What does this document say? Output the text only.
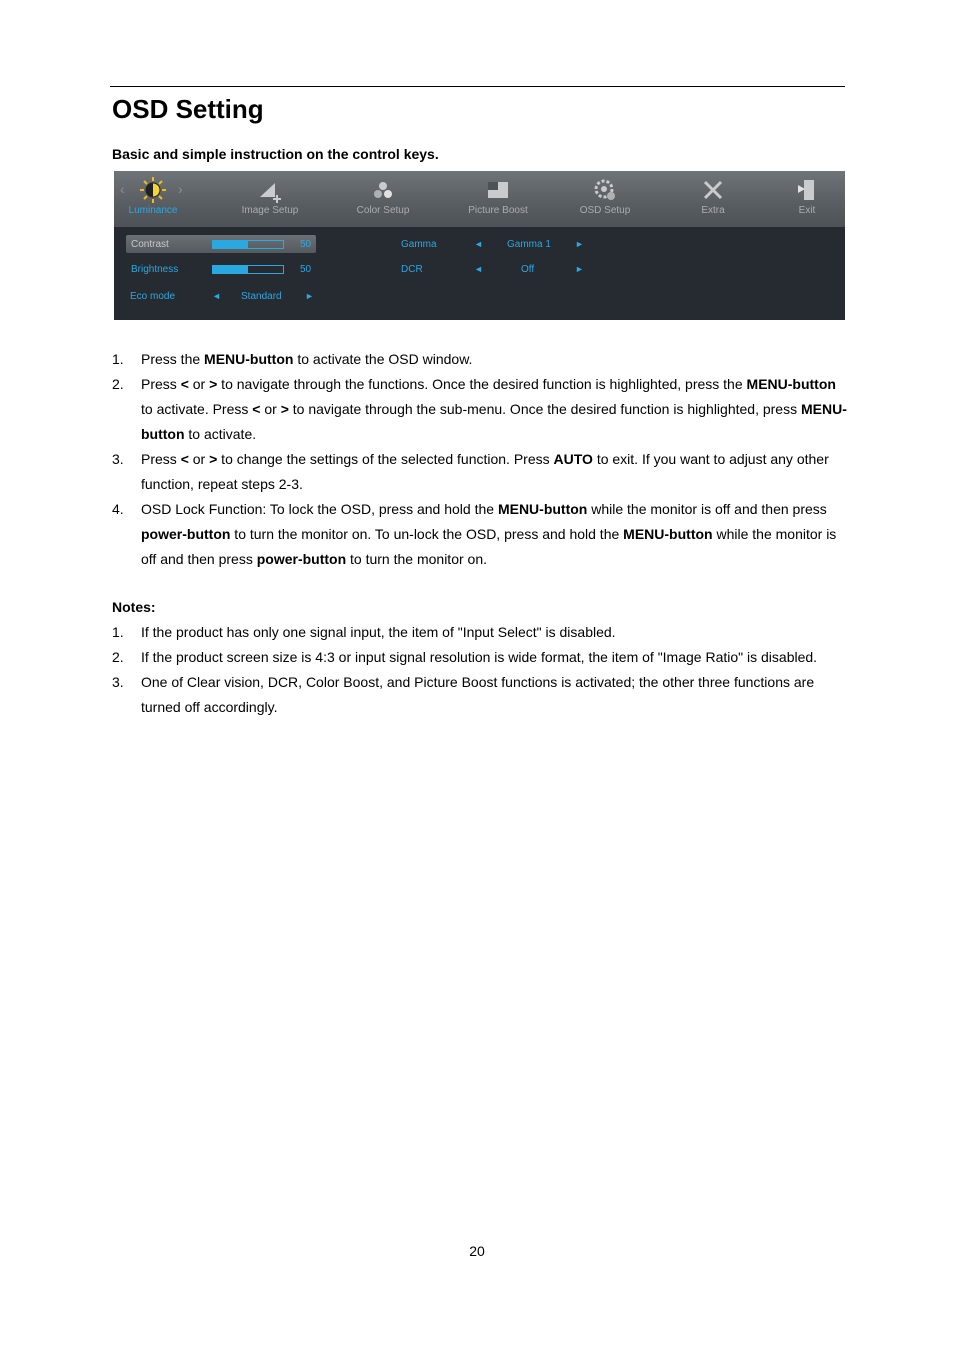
OSD Setting
Basic and simple instruction on the control keys.
‹	›
Luminance	Image Setup	Color Setup	Picture Boost	OSD Setup	Extra	Exit
Contrast	50
Brightness	50
Eco mode	◄ Standard	►
Gamma	◄ Gamma 1	►
DCR	◄	Off	►
1.	Press the MENU-button to activate the OSD window.
2.	Press < or > to navigate through the functions. Once the desired function is highlighted, press the MENU-button to activate. Press < or > to navigate through the sub-menu. Once the desired function is highlighted, press MENU-button to activate.
3.	Press < or > to change the settings of the selected function. Press AUTO to exit. If you want to adjust any other function, repeat steps 2-3.
4.	OSD Lock Function: To lock the OSD, press and hold the MENU-button while the monitor is off and then press power-button to turn the monitor on. To un-lock the OSD, press and hold the MENU-button while the monitor is off and then press power-button to turn the monitor on.
Notes:
1.	If the product has only one signal input, the item of "Input Select" is disabled.
2.	If the product screen size is 4:3 or input signal resolution is wide format, the item of "Image Ratio" is disabled.
3.	One of Clear vision, DCR, Color Boost, and Picture Boost functions is activated; the other three functions are turned off accordingly.
20
